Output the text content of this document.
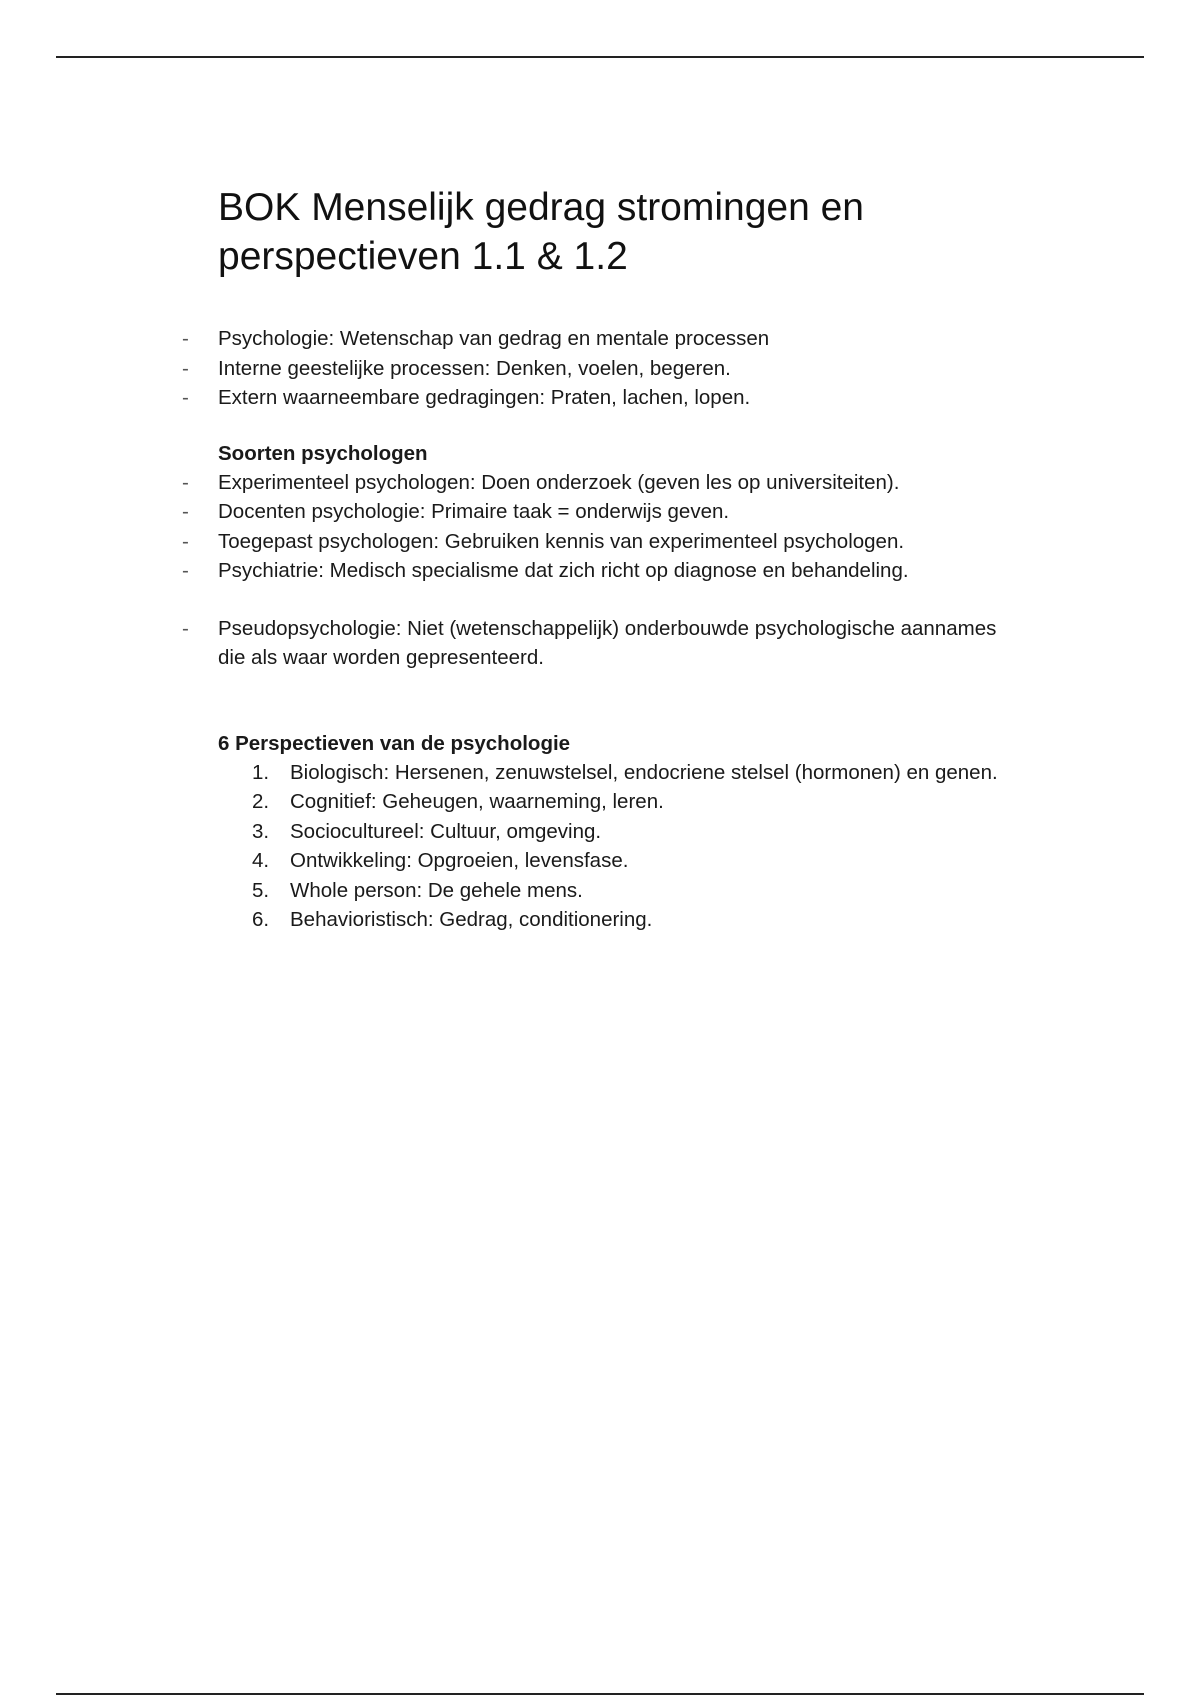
BOK Menselijk gedrag stromingen en perspectieven 1.1 & 1.2
- Psychologie: Wetenschap van gedrag en mentale processen
- Interne geestelijke processen: Denken, voelen, begeren.
- Extern waarneembare gedragingen: Praten, lachen, lopen.
Soorten psychologen
- Experimenteel psychologen: Doen onderzoek (geven les op universiteiten).
- Docenten psychologie: Primaire taak = onderwijs geven.
- Toegepast psychologen: Gebruiken kennis van experimenteel psychologen.
- Psychiatrie: Medisch specialisme dat zich richt op diagnose en behandeling.
- Pseudopsychologie: Niet (wetenschappelijk) onderbouwde psychologische aannames die als waar worden gepresenteerd.
6 Perspectieven van de psychologie
1. Biologisch: Hersenen, zenuwstelsel, endocriene stelsel (hormonen) en genen.
2. Cognitief: Geheugen, waarneming, leren.
3. Sociocultureel: Cultuur, omgeving.
4. Ontwikkeling: Opgroeien, levensfase.
5. Whole person: De gehele mens.
6. Behavioristisch: Gedrag, conditionering.
